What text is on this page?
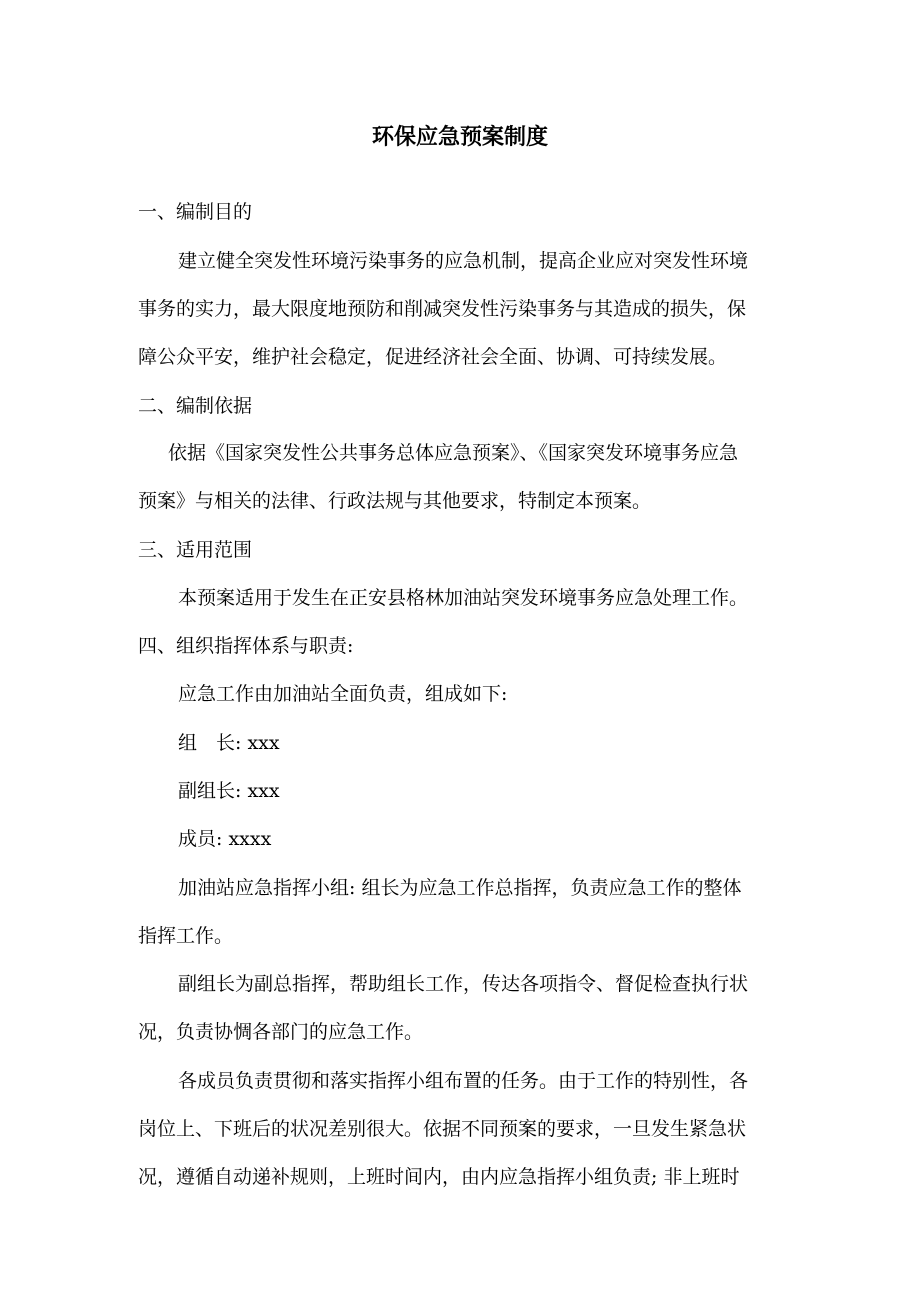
环保应急预案制度
一、编制目的
建立健全突发性环境污染事务的应急机制，提高企业应对突发性环境
事务的实力，最大限度地预防和削减突发性污染事务与其造成的损失，保
障公众平安，维护社会稳定，促进经济社会全面、协调、可持续发展。
二、编制依据
依据《国家突发性公共事务总体应急预案》、《国家突发环境事务应急
预案》与相关的法律、行政法规与其他要求，特制定本预案。
三、适用范围
本预案适用于发生在正安县格林加油站突发环境事务应急处理工作。
四、组织指挥体系与职责:
应急工作由加油站全面负责，组成如下:
组　长: xxx
副组长: xxx
成员: xxxx
加油站应急指挥小组: 组长为应急工作总指挥，负责应急工作的整体
指挥工作。
副组长为副总指挥，帮助组长工作，传达各项指令、督促检查执行状
况，负责协惆各部门的应急工作。
各成员负责贯彻和落实指挥小组布置的任务。由于工作的特别性，各
岗位上、下班后的状况差别很大。依据不同预案的要求，一旦发生紧急状
况，遵循自动递补规则，上班时间内，由内应急指挥小组负责; 非上班时
